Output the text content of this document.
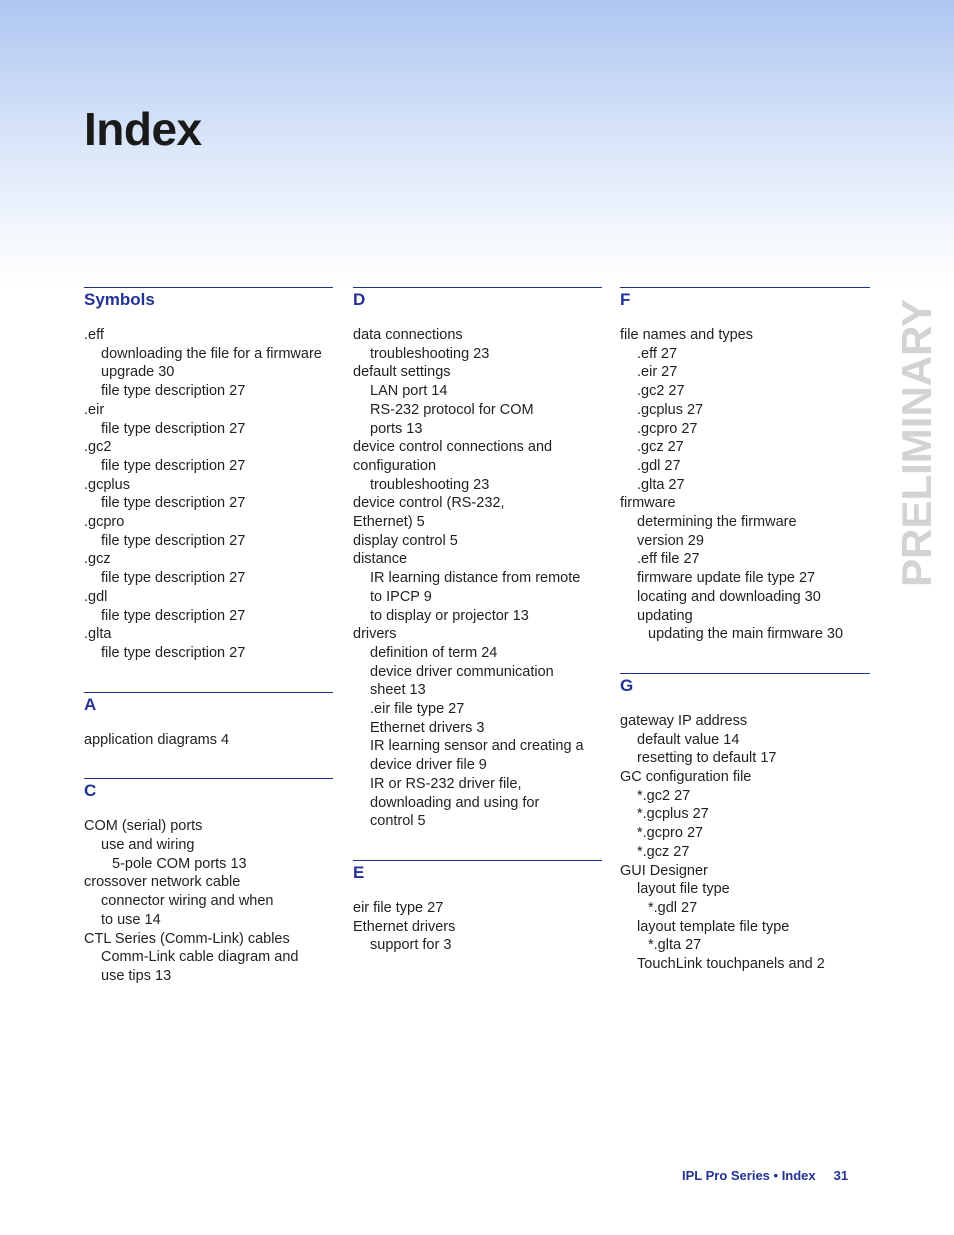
Index
PRELIMINARY
Symbols
.eff
downloading the file for a firmware
upgrade 30
file type description 27
.eir
file type description 27
.gc2
file type description 27
.gcplus
file type description 27
.gcpro
file type description 27
.gcz
file type description 27
.gdl
file type description 27
.glta
file type description 27
A
application diagrams 4
C
COM (serial) ports
use and wiring
5-pole COM ports 13
crossover network cable
connector wiring and when
to use 14
CTL Series (Comm-Link) cables
Comm-Link cable diagram and
use tips 13
D
data connections
troubleshooting 23
default settings
LAN port 14
RS-232 protocol for COM
ports 13
device control connections and
configuration
troubleshooting 23
device control (RS-232,
Ethernet) 5
display control 5
distance
IR learning distance from remote
to IPCP 9
to display or projector 13
drivers
definition of term 24
device driver communication
sheet 13
.eir file type 27
Ethernet drivers 3
IR learning sensor and creating a
device driver file 9
IR or RS-232 driver file,
downloading and using for
control 5
E
eir file type 27
Ethernet drivers
support for 3
F
file names and types
.eff 27
.eir 27
.gc2 27
.gcplus 27
.gcpro 27
.gcz 27
.gdl 27
.glta 27
firmware
determining the firmware
version 29
.eff file 27
firmware update file type 27
locating and downloading 30
updating
updating the main firmware 30
G
gateway IP address
default value 14
resetting to default 17
GC configuration file
*.gc2 27
*.gcplus 27
*.gcpro 27
*.gcz 27
GUI Designer
layout file type
*.gdl 27
layout template file type
*.glta 27
TouchLink touchpanels and 2
IPL Pro Series • Index 31
